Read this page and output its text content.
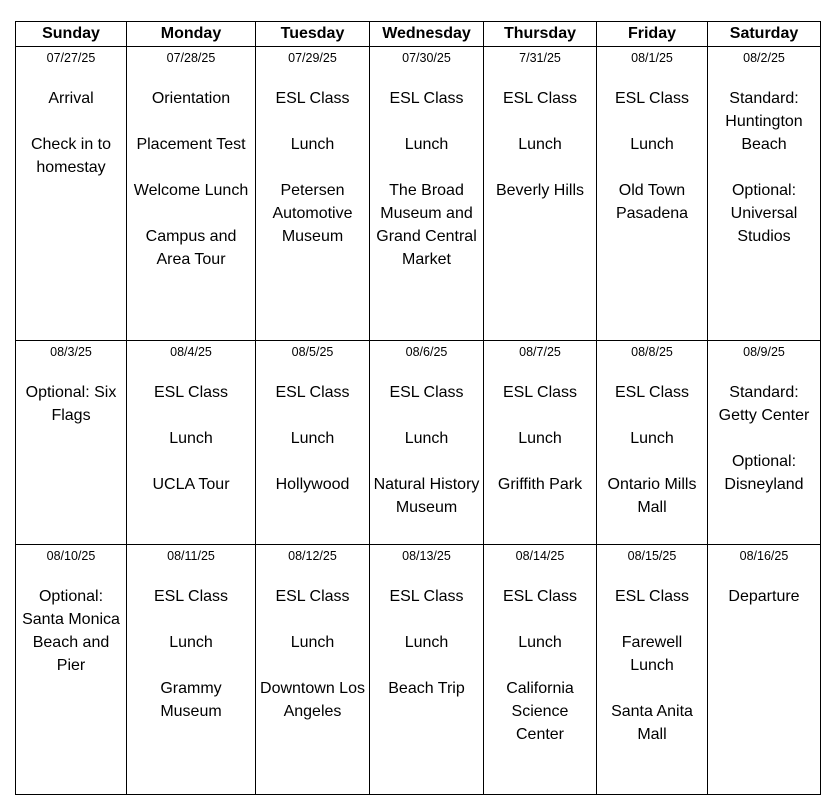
Sunday	Monday	Tuesday	Wednesday	Thursday	Friday	Saturday

07/27/25
Arrival
Check in to homestay	07/28/25
Orientation
Placement Test
Welcome Lunch
Campus and Area Tour	07/29/25
ESL Class
Lunch
Petersen Automotive Museum	07/30/25
ESL Class
Lunch
The Broad Museum and Grand Central Market	7/31/25
ESL Class
Lunch
Beverly Hills	08/1/25
ESL Class
Lunch
Old Town Pasadena	08/2/25
Standard: Huntington Beach
Optional: Universal Studios

08/3/25
Optional: Six Flags	08/4/25
ESL Class
Lunch
UCLA Tour	08/5/25
ESL Class
Lunch
Hollywood	08/6/25
ESL Class
Lunch
Natural History Museum	08/7/25
ESL Class
Lunch
Griffith Park	08/8/25
ESL Class
Lunch
Ontario Mills Mall	08/9/25
Standard: Getty Center
Optional: Disneyland

08/10/25
Optional: Santa Monica Beach and Pier	08/11/25
ESL Class
Lunch
Grammy Museum	08/12/25
ESL Class
Lunch
Downtown Los Angeles	08/13/25
ESL Class
Lunch
Beach Trip	08/14/25
ESL Class
Lunch
California Science Center	08/15/25
ESL Class
Farewell Lunch
Santa Anita Mall	08/16/25
Departure
